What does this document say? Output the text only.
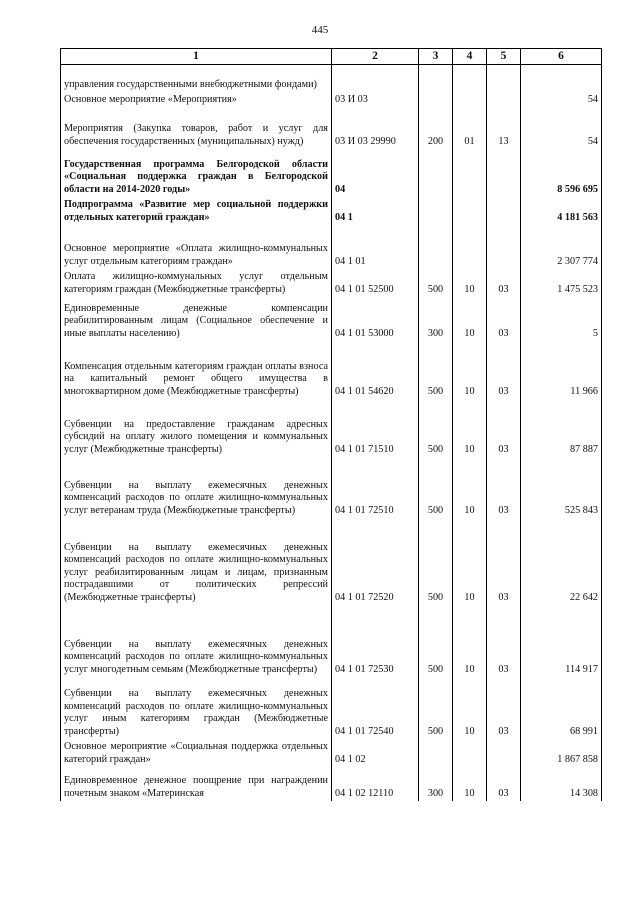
445
1	2	3	4	5	6
управления государственными внебюджетными фондами)					
Основное мероприятие «Мероприятия»	03 И 03				54
Мероприятия (Закупка товаров, работ и услуг для обеспечения государственных (муниципальных) нужд)	03 И 03 29990	200	01	13	54
Государственная программа Белгородской области «Социальная поддержка граждан в Белгородской области на 2014-2020 годы»	04				8 596 695
Подпрограмма «Развитие мер социальной поддержки отдельных категорий граждан»	04 1				4 181 563
Основное мероприятие «Оплата жилищно-коммунальных услуг отдельным категориям граждан»	04 1 01				2 307 774
Оплата жилищно-коммунальных услуг отдельным категориям граждан (Межбюджетные трансферты)	04 1 01 52500	500	10	03	1 475 523
Единовременные денежные компенсации реабилитированным лицам (Социальное обеспечение и иные выплаты населению)	04 1 01 53000	300	10	03	5
Компенсация отдельным категориям граждан оплаты взноса на капитальный ремонт общего имущества в многоквартирном доме (Межбюджетные трансферты)	04 1 01 54620	500	10	03	11 966
Субвенции на предоставление гражданам адресных субсидий на оплату жилого помещения и коммунальных услуг (Межбюджетные трансферты)	04 1 01 71510	500	10	03	87 887
Субвенции на выплату ежемесячных денежных компенсаций расходов по оплате жилищно-коммунальных услуг ветеранам труда (Межбюджетные трансферты)	04 1 01 72510	500	10	03	525 843
Субвенции на выплату ежемесячных денежных компенсаций расходов по оплате жилищно-коммунальных услуг реабилитированным лицам и лицам, признанным пострадавшими от политических репрессий (Межбюджетные трансферты)	04 1 01 72520	500	10	03	22 642
Субвенции на выплату ежемесячных денежных компенсаций расходов по оплате жилищно-коммунальных услуг многодетным семьям (Межбюджетные трансферты)	04 1 01 72530	500	10	03	114 917
Субвенции на выплату ежемесячных денежных компенсаций расходов по оплате жилищно-коммунальных услуг иным категориям граждан (Межбюджетные трансферты)	04 1 01 72540	500	10	03	68 991
Основное мероприятие «Социальная поддержка отдельных категорий граждан»	04 1 02				1 867 858
Единовременное денежное поощрение при награждении почетным знаком «Материнская	04 1 02 12110	300	10	03	14 308
